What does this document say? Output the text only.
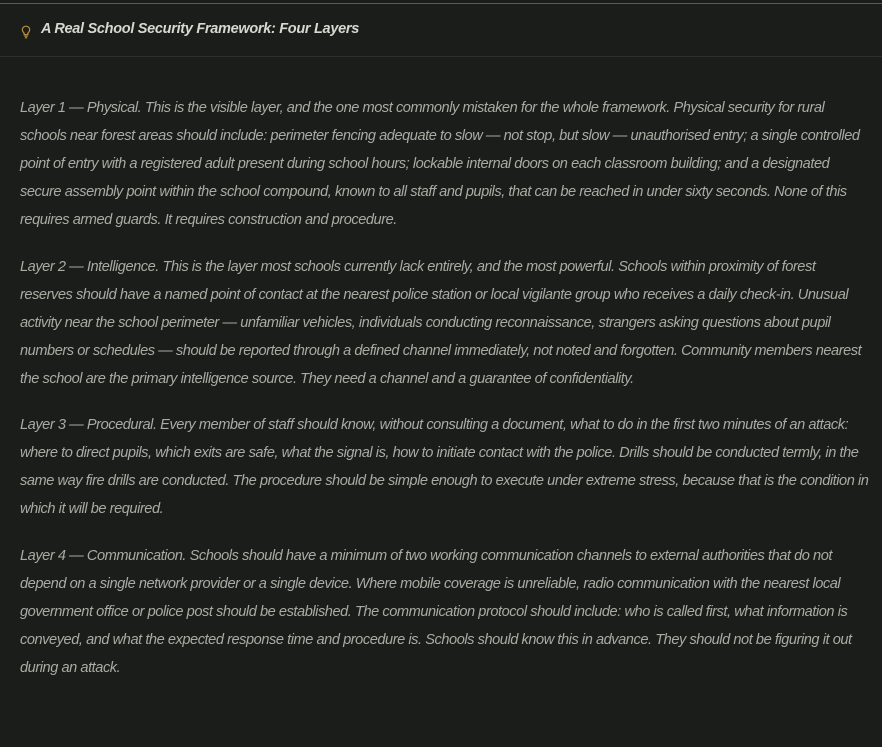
A Real School Security Framework: Four Layers

Layer 1 — Physical. This is the visible layer, and the one most commonly mistaken for the whole framework. Physical security for rural schools near forest areas should include: perimeter fencing adequate to slow — not stop, but slow — unauthorised entry; a single controlled point of entry with a registered adult present during school hours; lockable internal doors on each classroom building; and a designated secure assembly point within the school compound, known to all staff and pupils, that can be reached in under sixty seconds. None of this requires armed guards. It requires construction and procedure.

Layer 2 — Intelligence. This is the layer most schools currently lack entirely, and the most powerful. Schools within proximity of forest reserves should have a named point of contact at the nearest police station or local vigilante group who receives a daily check-in. Unusual activity near the school perimeter — unfamiliar vehicles, individuals conducting reconnaissance, strangers asking questions about pupil numbers or schedules — should be reported through a defined channel immediately, not noted and forgotten. Community members nearest the school are the primary intelligence source. They need a channel and a guarantee of confidentiality.

Layer 3 — Procedural. Every member of staff should know, without consulting a document, what to do in the first two minutes of an attack: where to direct pupils, which exits are safe, what the signal is, how to initiate contact with the police. Drills should be conducted termly, in the same way fire drills are conducted. The procedure should be simple enough to execute under extreme stress, because that is the condition in which it will be required.

Layer 4 — Communication. Schools should have a minimum of two working communication channels to external authorities that do not depend on a single network provider or a single device. Where mobile coverage is unreliable, radio communication with the nearest local government office or police post should be established. The communication protocol should include: who is called first, what information is conveyed, and what the expected response time and procedure is. Schools should know this in advance. They should not be figuring it out during an attack.
